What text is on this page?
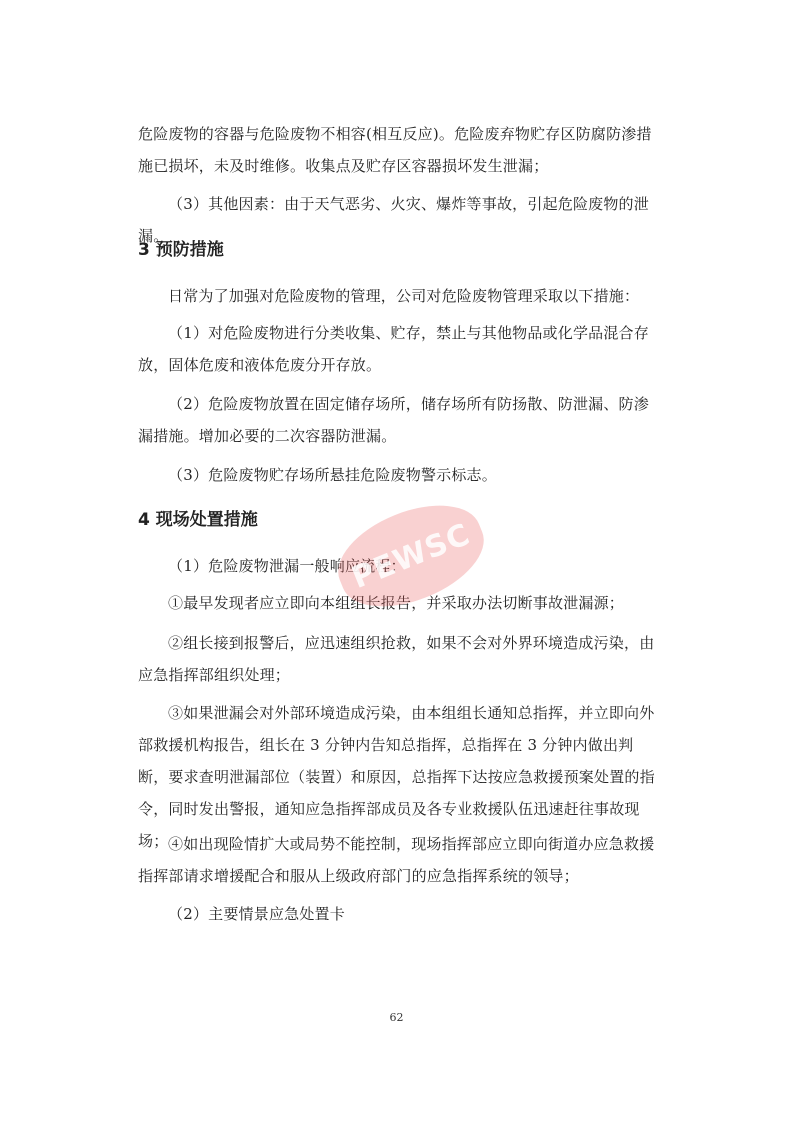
危险废物的容器与危险废物不相容(相互反应)。危险废弃物贮存区防腐防渗措施已损坏，未及时维修。收集点及贮存区容器损坏发生泄漏；

（3）其他因素：由于天气恶劣、火灾、爆炸等事故，引起危险废物的泄漏。

3 预防措施

日常为了加强对危险废物的管理，公司对危险废物管理采取以下措施：

（1）对危险废物进行分类收集、贮存，禁止与其他物品或化学品混合存放，固体危废和液体危废分开存放。

（2）危险废物放置在固定储存场所，储存场所有防扬散、防泄漏、防渗漏措施。增加必要的二次容器防泄漏。

（3）危险废物贮存场所悬挂危险废物警示标志。

4 现场处置措施

（1）危险废物泄漏一般响应流程：

①最早发现者应立即向本组组长报告，并采取办法切断事故泄漏源；

②组长接到报警后，应迅速组织抢救，如果不会对外界环境造成污染，由应急指挥部组织处理；

③如果泄漏会对外部环境造成污染，由本组组长通知总指挥，并立即向外部救援机构报告，组长在 3 分钟内告知总指挥，总指挥在 3 分钟内做出判断，要求查明泄漏部位（装置）和原因，总指挥下达按应急救援预案处置的指令，同时发出警报，通知应急指挥部成员及各专业救援队伍迅速赶往事故现场； ④如出现险情扩大或局势不能控制，现场指挥部应立即向街道办应急救援指挥部请求增援配合和服从上级政府部门的应急指挥系统的领导；

（2）主要情景应急处置卡

PEWSC
62
